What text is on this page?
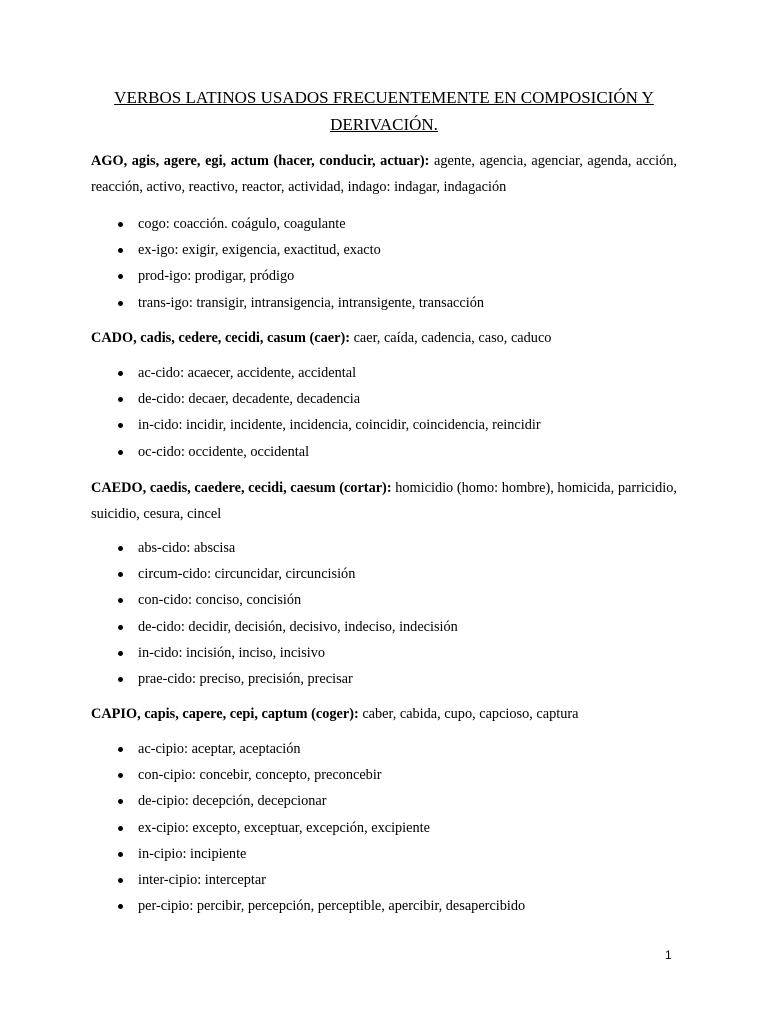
VERBOS LATINOS USADOS FRECUENTEMENTE EN COMPOSICIÓN Y
DERIVACIÓN.
AGO, agis, agere, egi, actum (hacer, conducir, actuar): agente, agencia, agenciar, agenda, acción, reacción, activo, reactivo, reactor, actividad, indago: indagar, indagación
cogo: coacción. coágulo, coagulante
ex-igo: exigir, exigencia, exactitud, exacto
prod-igo: prodigar, pródigo
trans-igo: transigir, intransigencia, intransigente, transacción
CADO, cadis, cedere, cecidi, casum (caer): caer, caída, cadencia, caso, caduco
ac-cido: acaecer, accidente, accidental
de-cido: decaer, decadente, decadencia
in-cido: incidir, incidente, incidencia, coincidir, coincidencia, reincidir
oc-cido: occidente, occidental
CAEDO, caedis, caedere, cecidi, caesum (cortar): homicidio (homo: hombre), homicida, parricidio, suicidio, cesura, cincel
abs-cido: abscisa
circum-cido: circuncidar, circuncisión
con-cido: conciso, concisión
de-cido: decidir, decisión, decisivo, indeciso, indecisión
in-cido: incisión, inciso, incisivo
prae-cido: preciso, precisión, precisar
CAPIO, capis, capere, cepi, captum (coger): caber, cabida, cupo, capcioso, captura
ac-cipio: aceptar, aceptación
con-cipio: concebir, concepto, preconcebir
de-cipio: decepción, decepcionar
ex-cipio: excepto, exceptuar, excepción, excipiente
in-cipio: incipiente
inter-cipio: interceptar
per-cipio: percibir, percepción, perceptible, apercibir, desapercibido
1
